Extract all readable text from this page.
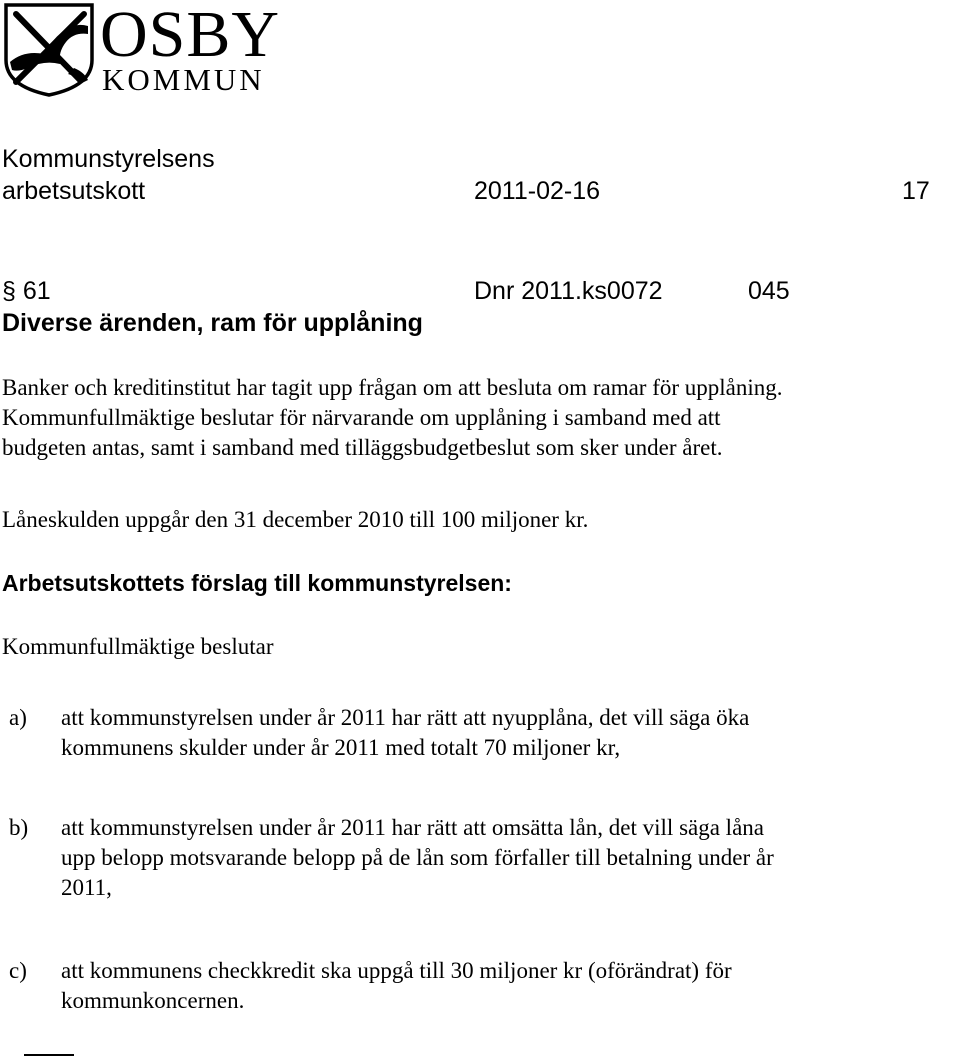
OSBY
KOMMUN
Kommunstyrelsens
arbetsutskott	2011-02-16	17
§ 61	Dnr 2011.ks0072	045
Diverse ärenden, ram för upplåning
Banker och kreditinstitut har tagit upp frågan om att besluta om ramar för upplåning.
Kommunfullmäktige beslutar för närvarande om upplåning i samband med att
budgeten antas, samt i samband med tilläggsbudgetbeslut som sker under året.
Låneskulden uppgår den 31 december 2010 till 100 miljoner kr.
Arbetsutskottets förslag till kommunstyrelsen:
Kommunfullmäktige beslutar
a) att kommunstyrelsen under år 2011 har rätt att nyupplåna, det vill säga öka
kommunens skulder under år 2011 med totalt 70 miljoner kr,
b) att kommunstyrelsen under år 2011 har rätt att omsätta lån, det vill säga låna
upp belopp motsvarande belopp på de lån som förfaller till betalning under år
2011,
c) att kommunens checkkredit ska uppgå till 30 miljoner kr (oförändrat) för
kommunkoncernen.
